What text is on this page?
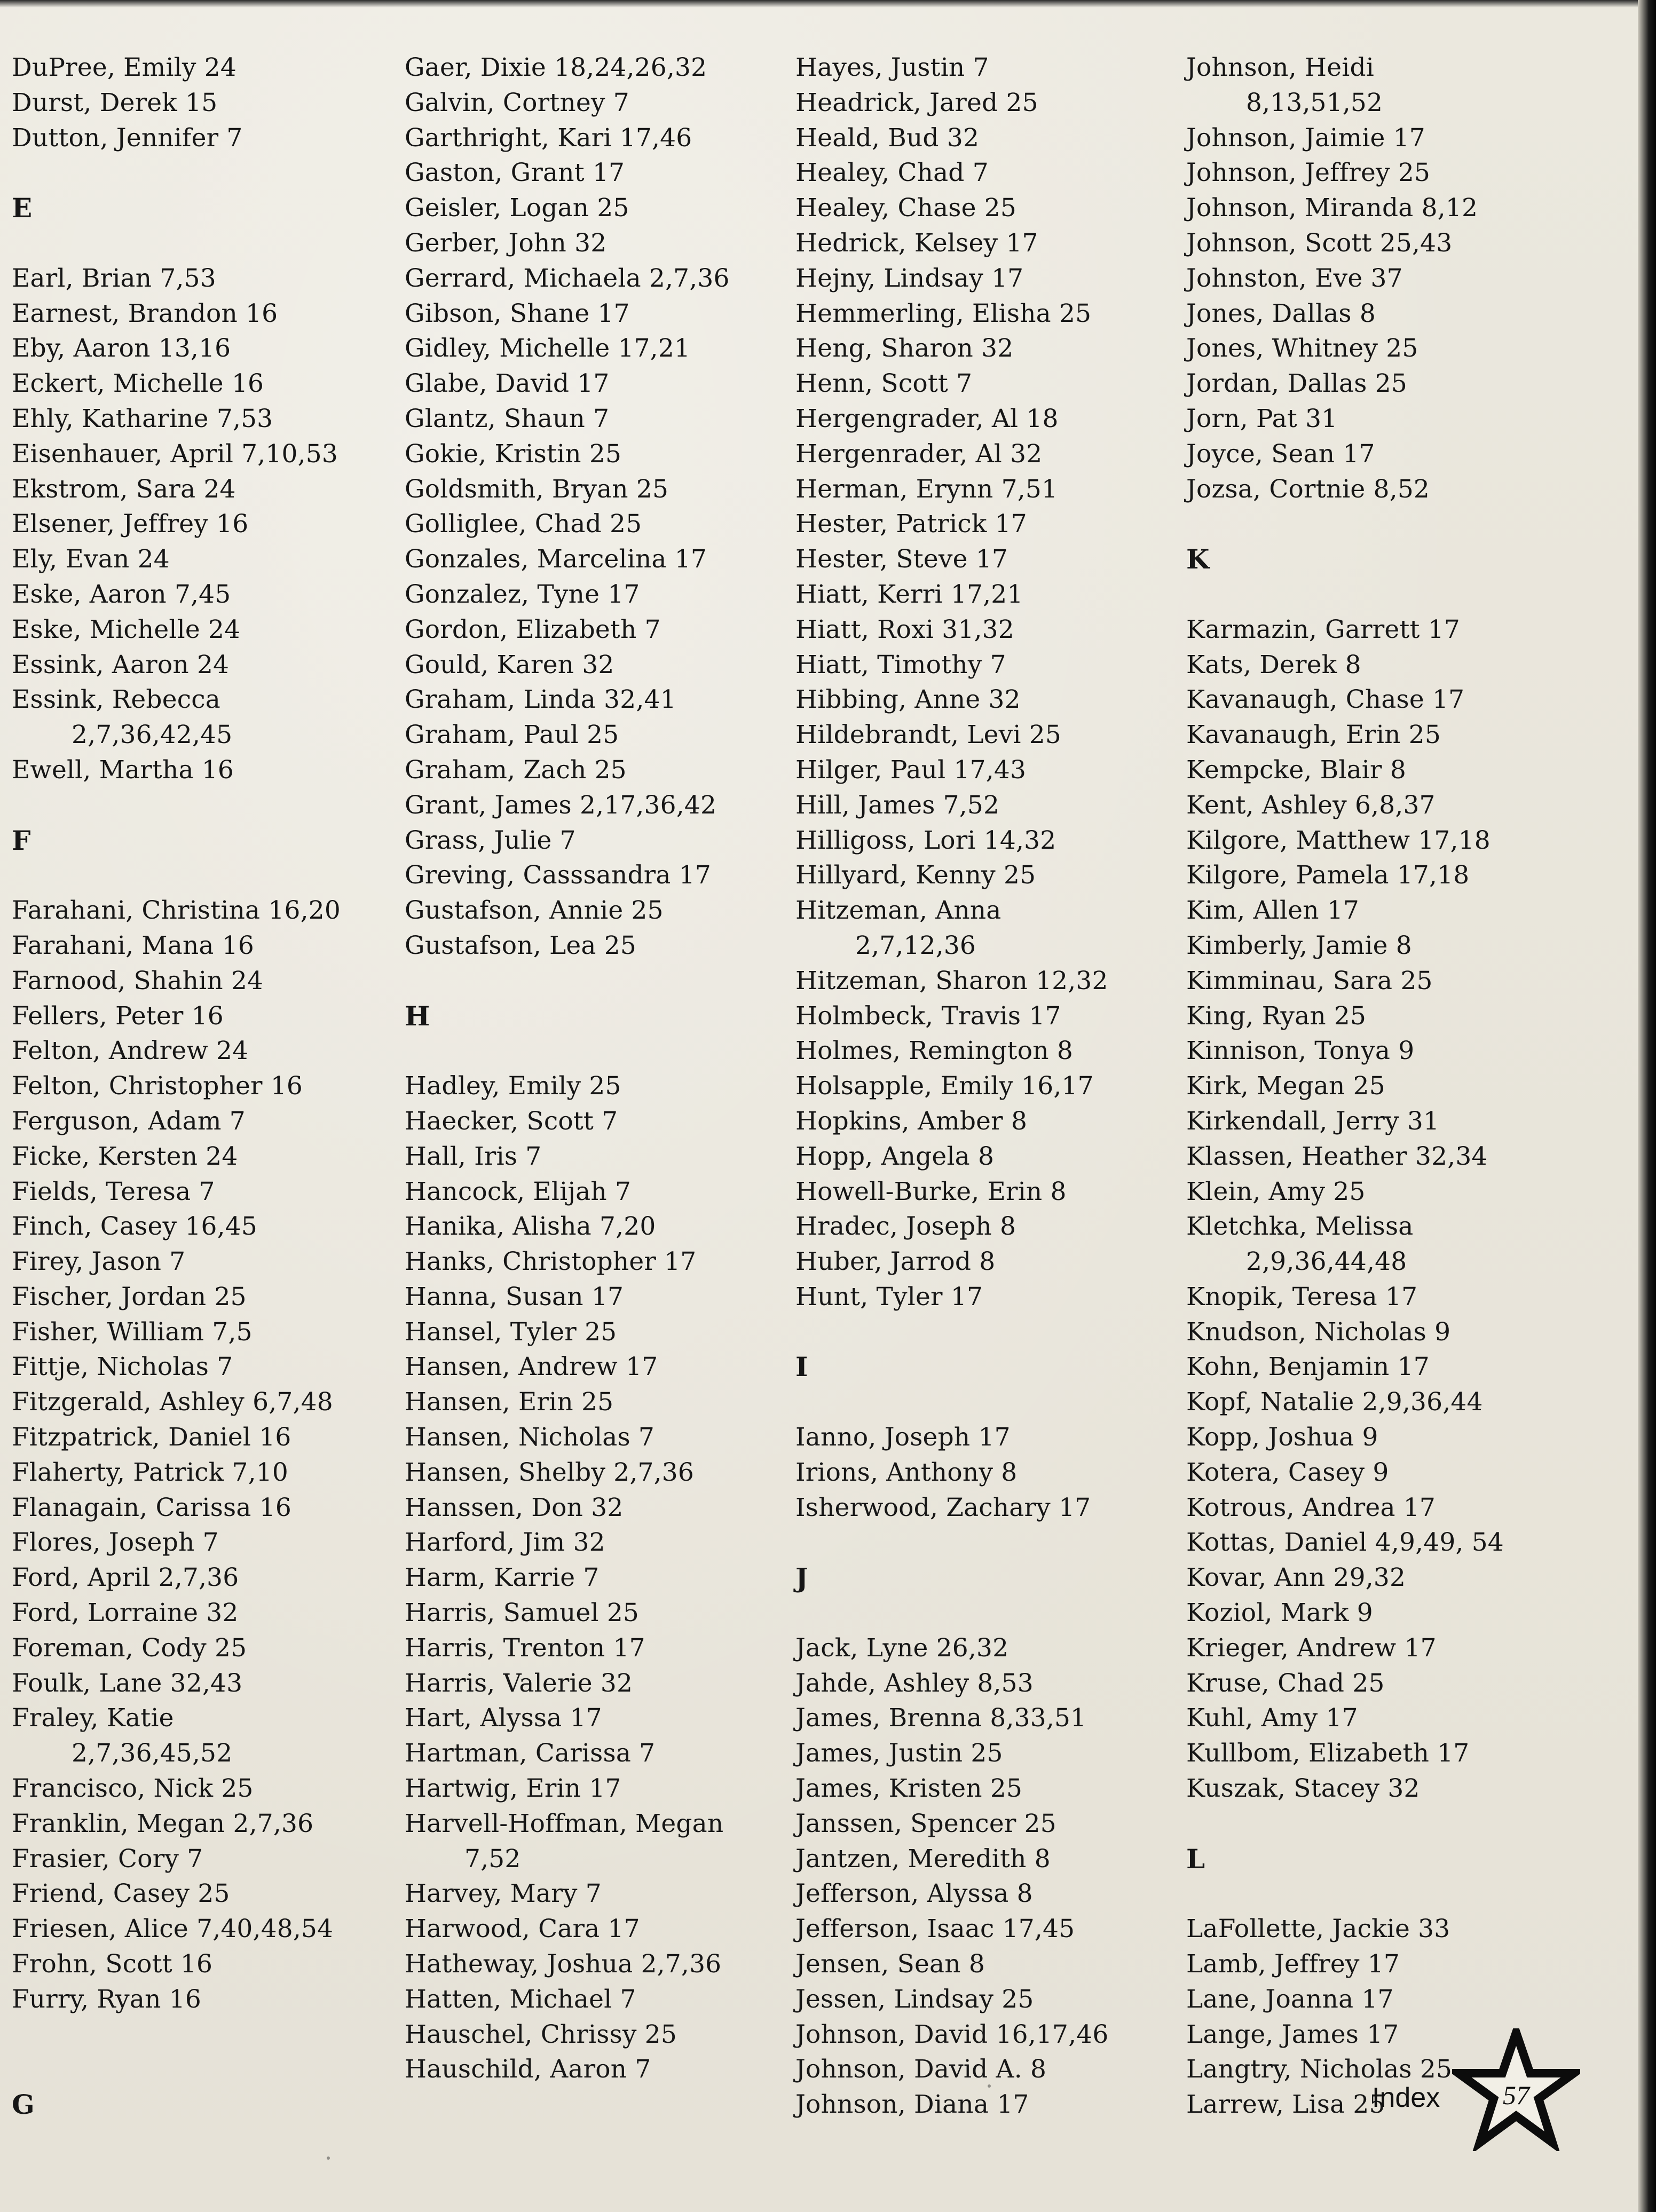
DuPree, Emily 24
Durst, Derek 15
Dutton, Jennifer 7
E
Earl, Brian 7,53
Earnest, Brandon 16
Eby, Aaron 13,16
Eckert, Michelle 16
Ehly, Katharine 7,53
Eisenhauer, April 7,10,53
Ekstrom, Sara 24
Elsener, Jeffrey 16
Ely, Evan 24
Eske, Aaron 7,45
Eske, Michelle 24
Essink, Aaron 24
Essink, Rebecca
2,7,36,42,45
Ewell, Martha 16
F
Farahani, Christina 16,20
Farahani, Mana 16
Farnood, Shahin 24
Fellers, Peter 16
Felton, Andrew 24
Felton, Christopher 16
Ferguson, Adam 7
Ficke, Kersten 24
Fields, Teresa 7
Finch, Casey 16,45
Firey, Jason 7
Fischer, Jordan 25
Fisher, William 7,5
Fittje, Nicholas 7
Fitzgerald, Ashley 6,7,48
Fitzpatrick, Daniel 16
Flaherty, Patrick 7,10
Flanagain, Carissa 16
Flores, Joseph 7
Ford, April 2,7,36
Ford, Lorraine 32
Foreman, Cody 25
Foulk, Lane 32,43
Fraley, Katie
2,7,36,45,52
Francisco, Nick 25
Franklin, Megan 2,7,36
Frasier, Cory 7
Friend, Casey 25
Friesen, Alice 7,40,48,54
Frohn, Scott 16
Furry, Ryan 16
G
Gaer, Dixie 18,24,26,32
Galvin, Cortney 7
Garthright, Kari 17,46
Gaston, Grant 17
Geisler, Logan 25
Gerber, John 32
Gerrard, Michaela 2,7,36
Gibson, Shane 17
Gidley, Michelle 17,21
Glabe, David 17
Glantz, Shaun 7
Gokie, Kristin 25
Goldsmith, Bryan 25
Golliglee, Chad 25
Gonzales, Marcelina 17
Gonzalez, Tyne 17
Gordon, Elizabeth 7
Gould, Karen 32
Graham, Linda 32,41
Graham, Paul 25
Graham, Zach 25
Grant, James 2,17,36,42
Grass, Julie 7
Greving, Casssandra 17
Gustafson, Annie 25
Gustafson, Lea 25
H
Hadley, Emily 25
Haecker, Scott 7
Hall, Iris 7
Hancock, Elijah 7
Hanika, Alisha 7,20
Hanks, Christopher 17
Hanna, Susan 17
Hansel, Tyler 25
Hansen, Andrew 17
Hansen, Erin 25
Hansen, Nicholas 7
Hansen, Shelby 2,7,36
Hanssen, Don 32
Harford, Jim 32
Harm, Karrie 7
Harris, Samuel 25
Harris, Trenton 17
Harris, Valerie 32
Hart, Alyssa 17
Hartman, Carissa 7
Hartwig, Erin 17
Harvell-Hoffman, Megan
7,52
Harvey, Mary 7
Harwood, Cara 17
Hatheway, Joshua 2,7,36
Hatten, Michael 7
Hauschel, Chrissy 25
Hauschild, Aaron 7
Hayes, Justin 7
Headrick, Jared 25
Heald, Bud 32
Healey, Chad 7
Healey, Chase 25
Hedrick, Kelsey 17
Hejny, Lindsay 17
Hemmerling, Elisha 25
Heng, Sharon 32
Henn, Scott 7
Hergengrader, Al 18
Hergenrader, Al 32
Herman, Erynn 7,51
Hester, Patrick 17
Hester, Steve 17
Hiatt, Kerri 17,21
Hiatt, Roxi 31,32
Hiatt, Timothy 7
Hibbing, Anne 32
Hildebrandt, Levi 25
Hilger, Paul 17,43
Hill, James 7,52
Hilligoss, Lori 14,32
Hillyard, Kenny 25
Hitzeman, Anna
2,7,12,36
Hitzeman, Sharon 12,32
Holmbeck, Travis 17
Holmes, Remington 8
Holsapple, Emily 16,17
Hopkins, Amber 8
Hopp, Angela 8
Howell-Burke, Erin 8
Hradec, Joseph 8
Huber, Jarrod 8
Hunt, Tyler 17
I
Ianno, Joseph 17
Irions, Anthony 8
Isherwood, Zachary 17
J
Jack, Lyne 26,32
Jahde, Ashley 8,53
James, Brenna 8,33,51
James, Justin 25
James, Kristen 25
Janssen, Spencer 25
Jantzen, Meredith 8
Jefferson, Alyssa 8
Jefferson, Isaac 17,45
Jensen, Sean 8
Jessen, Lindsay 25
Johnson, David 16,17,46
Johnson, David A. 8
Johnson, Diana 17
Johnson, Heidi
8,13,51,52
Johnson, Jaimie 17
Johnson, Jeffrey 25
Johnson, Miranda 8,12
Johnson, Scott 25,43
Johnston, Eve 37
Jones, Dallas 8
Jones, Whitney 25
Jordan, Dallas 25
Jorn, Pat 31
Joyce, Sean 17
Jozsa, Cortnie 8,52
K
Karmazin, Garrett 17
Kats, Derek 8
Kavanaugh, Chase 17
Kavanaugh, Erin 25
Kempcke, Blair 8
Kent, Ashley 6,8,37
Kilgore, Matthew 17,18
Kilgore, Pamela 17,18
Kim, Allen 17
Kimberly, Jamie 8
Kimminau, Sara 25
King, Ryan 25
Kinnison, Tonya 9
Kirk, Megan 25
Kirkendall, Jerry 31
Klassen, Heather 32,34
Klein, Amy 25
Kletchka, Melissa
2,9,36,44,48
Knopik, Teresa 17
Knudson, Nicholas 9
Kohn, Benjamin 17
Kopf, Natalie 2,9,36,44
Kopp, Joshua 9
Kotera, Casey 9
Kotrous, Andrea 17
Kottas, Daniel 4,9,49, 54
Kovar, Ann 29,32
Koziol, Mark 9
Krieger, Andrew 17
Kruse, Chad 25
Kuhl, Amy 17
Kullbom, Elizabeth 17
Kuszak, Stacey 32
L
LaFollette, Jackie 33
Lamb, Jeffrey 17
Lane, Joanna 17
Lange, James 17
Langtry, Nicholas 25
Larrew, Lisa 25
Index	57
